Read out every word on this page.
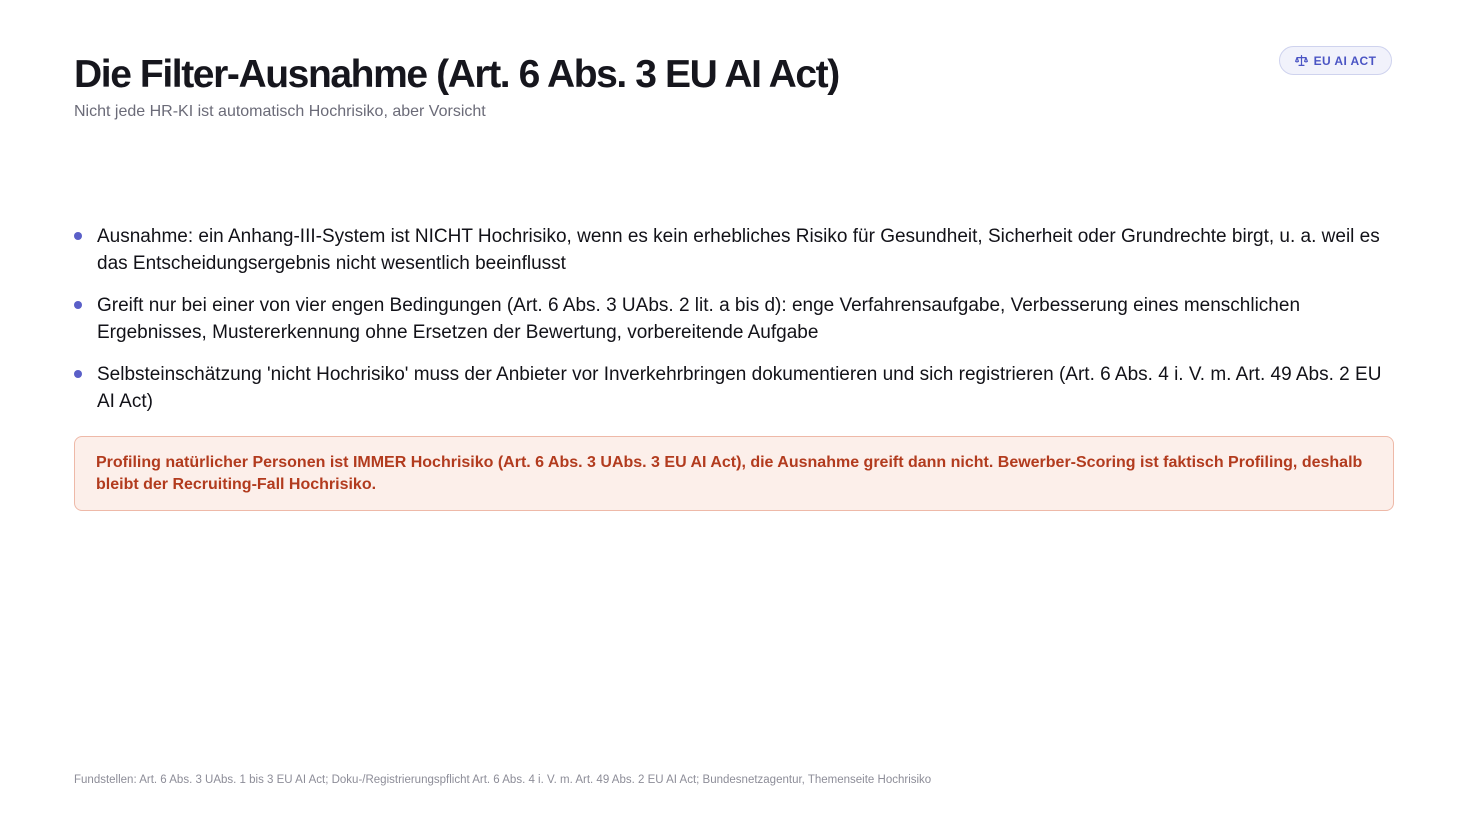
Die Filter-Ausnahme (Art. 6 Abs. 3 EU AI Act)

Nicht jede HR-KI ist automatisch Hochrisiko, aber Vorsicht

EU AI ACT
Ausnahme: ein Anhang-III-System ist NICHT Hochrisiko, wenn es kein erhebliches Risiko für Gesundheit, Sicherheit oder Grundrechte birgt, u. a. weil es das Entscheidungsergebnis nicht wesentlich beeinflusst
Greift nur bei einer von vier engen Bedingungen (Art. 6 Abs. 3 UAbs. 2 lit. a bis d): enge Verfahrensaufgabe, Verbesserung eines menschlichen Ergebnisses, Mustererkennung ohne Ersetzen der Bewertung, vorbereitende Aufgabe
Selbsteinschätzung 'nicht Hochrisiko' muss der Anbieter vor Inverkehrbringen dokumentieren und sich registrieren (Art. 6 Abs. 4 i. V. m. Art. 49 Abs. 2 EU AI Act)
Profiling natürlicher Personen ist IMMER Hochrisiko (Art. 6 Abs. 3 UAbs. 3 EU AI Act), die Ausnahme greift dann nicht. Bewerber-Scoring ist faktisch Profiling, deshalb bleibt der Recruiting-Fall Hochrisiko.

Fundstellen: Art. 6 Abs. 3 UAbs. 1 bis 3 EU AI Act; Doku-/Registrierungspflicht Art. 6 Abs. 4 i. V. m. Art. 49 Abs. 2 EU AI Act; Bundesnetzagentur, Themenseite Hochrisiko
